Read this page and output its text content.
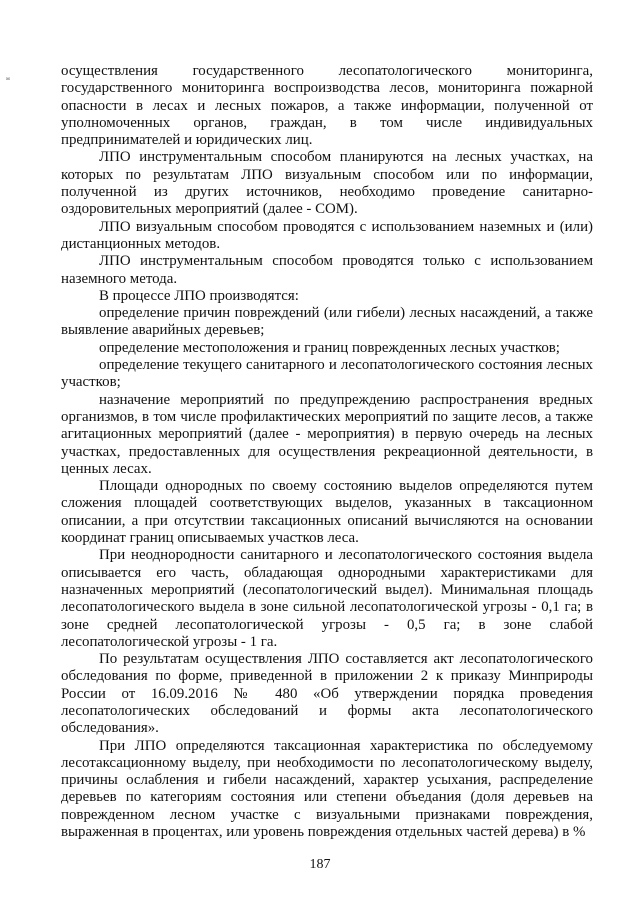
м	осуществления государственного лесопатологического мониторинга, государственного мониторинга воспроизводства лесов, мониторинга пожарной опасности в лесах и лесных пожаров, а также информации, полученной от уполномоченных органов, граждан, в том числе индивидуальных предпринимателей и юридических лиц.

ЛПО инструментальным способом планируются на лесных участках, на которых по результатам ЛПО визуальным способом или по информации, полученной из других источников, необходимо проведение санитарно-оздоровительных мероприятий (далее - СОМ).

ЛПО визуальным способом проводятся с использованием наземных и (или) дистанционных методов.

ЛПО инструментальным способом проводятся только с использованием наземного метода.

В процессе ЛПО производятся:

определение причин повреждений (или гибели) лесных насаждений, а также выявление аварийных деревьев;

определение местоположения и границ поврежденных лесных участков;

определение текущего санитарного и лесопатологического состояния лесных участков;

назначение мероприятий по предупреждению распространения вредных организмов, в том числе профилактических мероприятий по защите лесов, а также агитационных мероприятий (далее - мероприятия) в первую очередь на лесных участках, предоставленных для осуществления рекреационной деятельности, в ценных лесах.

Площади однородных по своему состоянию выделов определяются путем сложения площадей соответствующих выделов, указанных в таксационном описании, а при отсутствии таксационных описаний вычисляются на основании координат границ описываемых участков леса.

При неоднородности санитарного и лесопатологического состояния выдела описывается его часть, обладающая однородными характеристиками для назначенных мероприятий (лесопатологический выдел). Минимальная площадь лесопатологического выдела в зоне сильной лесопатологической угрозы - 0,1 га; в зоне средней лесопатологической угрозы - 0,5 га; в зоне слабой лесопатологической угрозы - 1 га.

По результатам осуществления ЛПО составляется акт лесопатологического обследования по форме, приведенной в приложении 2 к приказу Минприроды России от 16.09.2016 № 480 «Об утверждении порядка проведения лесопатологических обследований и формы акта лесопатологического обследования».

При ЛПО определяются таксационная характеристика по обследуемому лесотаксационному выделу, при необходимости по лесопатологическому выделу, причины ослабления и гибели насаждений, характер усыхания, распределение деревьев по категориям состояния или степени объедания (доля деревьев на поврежденном лесном участке с визуальными признаками повреждения, выраженная в процентах, или уровень повреждения отдельных частей дерева) в %

187
